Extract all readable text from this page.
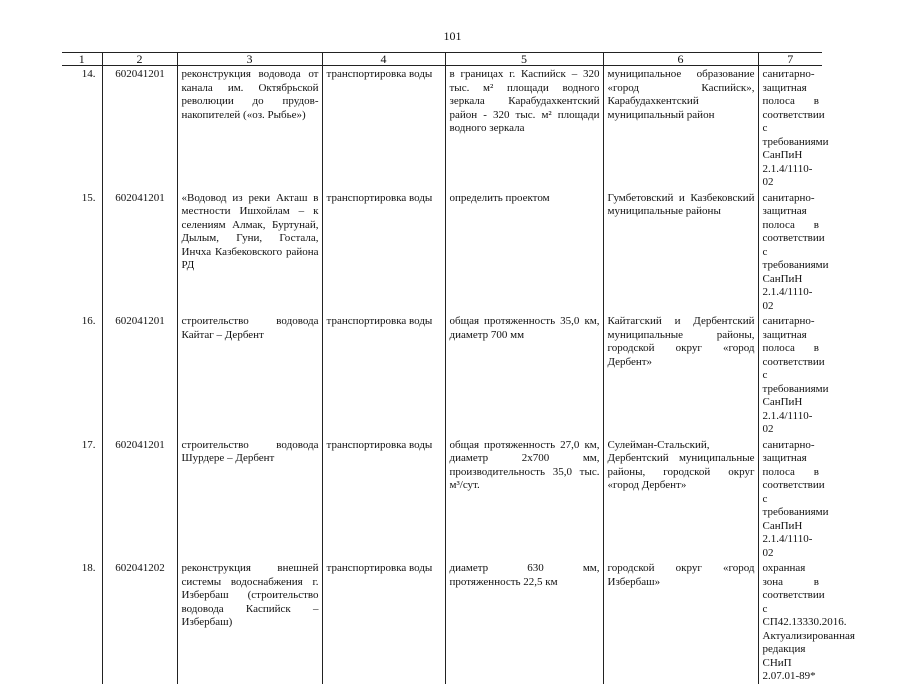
101
1	2	3	4	5	6	7
14.	602041201	реконструкция водовода от канала им. Октябрьской революции до прудов-накопителей («оз. Рыбье»)	транспортировка воды	в границах г. Каспийск – 320 тыс. м² площади водного зеркала Карабудахкентский район - 320 тыс. м² площади водного зеркала	муниципальное образование «город Каспийск», Карабудахкентский муниципальный район	санитарно-защитная полоса в соответствии с требованиями СанПиН 2.1.4/1110-02
15.	602041201	«Водовод из реки Акташ в местности Ишхойлам – к селениям Алмак, Буртунай, Дылым, Гуни, Гостала, Инчха Казбековского района РД	транспортировка воды	определить проектом	Гумбетовский и Казбековский муниципальные районы	санитарно-защитная полоса в соответствии с требованиями СанПиН 2.1.4/1110-02
16.	602041201	строительство водовода Кайтаг – Дербент	транспортировка воды	общая протяженность 35,0 км, диаметр 700 мм	Кайтагский и Дербентский муниципальные районы, городской округ «город Дербент»	санитарно-защитная полоса в соответствии с требованиями СанПиН 2.1.4/1110-02
17.	602041201	строительство водовода Шурдере – Дербент	транспортировка воды	общая протяженность 27,0 км, диаметр 2х700 мм, производительность 35,0 тыс. м³/сут.	Сулейман-Стальский, Дербентский муниципальные районы, городской округ «город Дербент»	санитарно-защитная полоса в соответствии с требованиями СанПиН 2.1.4/1110-02
18.	602041202	реконструкция внешней системы водоснабжения г. Избербаш (строительство водовода Каспийск – Избербаш)	транспортировка воды	диаметр 630 мм, протяженность 22,5 км	городской округ «город Избербаш»	охранная зона в соответствии с СП42.13330.2016. Актуализированная редакция СНиП 2.07.01-89*
